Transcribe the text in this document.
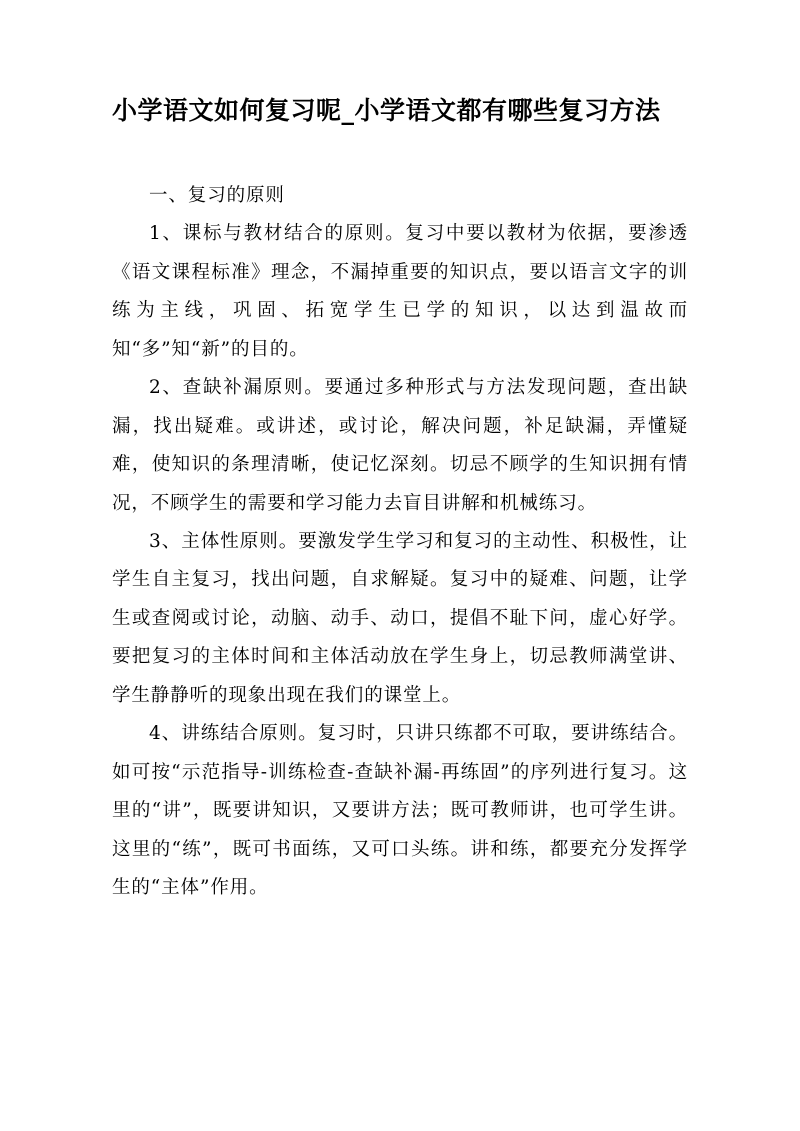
小学语文如何复习呢_小学语文都有哪些复习方法

一、复习的原则

1、课标与教材结合的原则。复习中要以教材为依据，要渗透《语文课程标准》理念，不漏掉重要的知识点，要以语言文字的训练为主线，巩固、拓宽学生已学的知识，以达到温故而知“多”知“新”的目的。

2、查缺补漏原则。要通过多种形式与方法发现问题，查出缺漏，找出疑难。或讲述，或讨论，解决问题，补足缺漏，弄懂疑难，使知识的条理清晰，使记忆深刻。切忌不顾学的生知识拥有情况，不顾学生的需要和学习能力去盲目讲解和机械练习。

3、主体性原则。要激发学生学习和复习的主动性、积极性，让学生自主复习，找出问题，自求解疑。复习中的疑难、问题，让学生或查阅或讨论，动脑、动手、动口，提倡不耻下问，虚心好学。要把复习的主体时间和主体活动放在学生身上，切忌教师满堂讲、学生静静听的现象出现在我们的课堂上。

4、讲练结合原则。复习时，只讲只练都不可取，要讲练结合。如可按“示范指导-训练检查-查缺补漏-再练固”的序列进行复习。这里的“讲”，既要讲知识，又要讲方法；既可教师讲，也可学生讲。这里的“练”，既可书面练，又可口头练。讲和练，都要充分发挥学生的“主体”作用。
